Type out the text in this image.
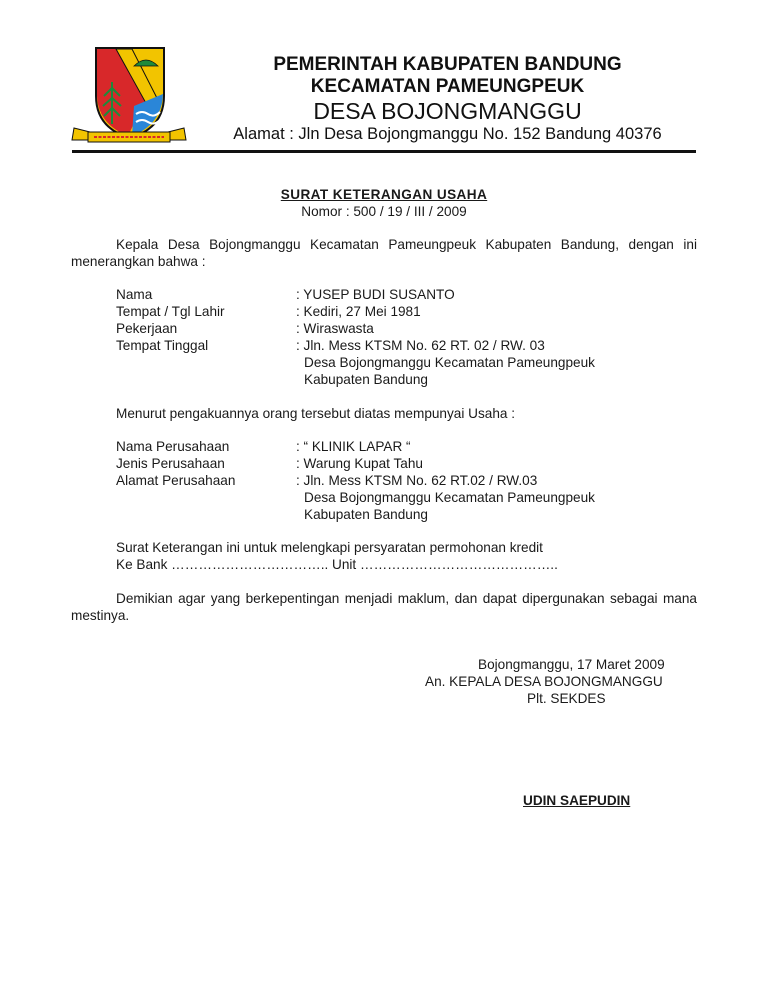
PEMERINTAH KABUPATEN BANDUNG
KECAMATAN PAMEUNGPEUK
DESA BOJONGMANGGU
Alamat : Jln Desa Bojongmanggu No. 152 Bandung 40376
SURAT KETERANGAN USAHA
Nomor : 500 / 19 / III / 2009
Kepala Desa Bojongmanggu Kecamatan Pameungpeuk Kabupaten Bandung, dengan ini menerangkan bahwa :
Nama	: YUSEP BUDI SUSANTO
Tempat / Tgl Lahir	: Kediri, 27 Mei 1981
Pekerjaan	: Wiraswasta
Tempat Tinggal	: Jln. Mess KTSM No. 62 RT. 02 / RW. 03
Desa Bojongmanggu Kecamatan Pameungpeuk
Kabupaten Bandung
Menurut pengakuannya orang tersebut diatas mempunyai Usaha :
Nama Perusahaan	: “ KLINIK LAPAR “
Jenis Perusahaan	: Warung Kupat Tahu
Alamat Perusahaan	: Jln. Mess KTSM No. 62 RT.02 / RW.03
Desa Bojongmanggu Kecamatan Pameungpeuk
Kabupaten Bandung
Surat Keterangan ini untuk melengkapi persyaratan permohonan kredit
Ke Bank …………………………….. Unit ……………………………………..
Demikian agar yang berkepentingan menjadi maklum, dan dapat dipergunakan sebagai mana mestinya.
Bojongmanggu, 17 Maret 2009
An. KEPALA DESA BOJONGMANGGU
Plt. SEKDES
UDIN SAEPUDIN
